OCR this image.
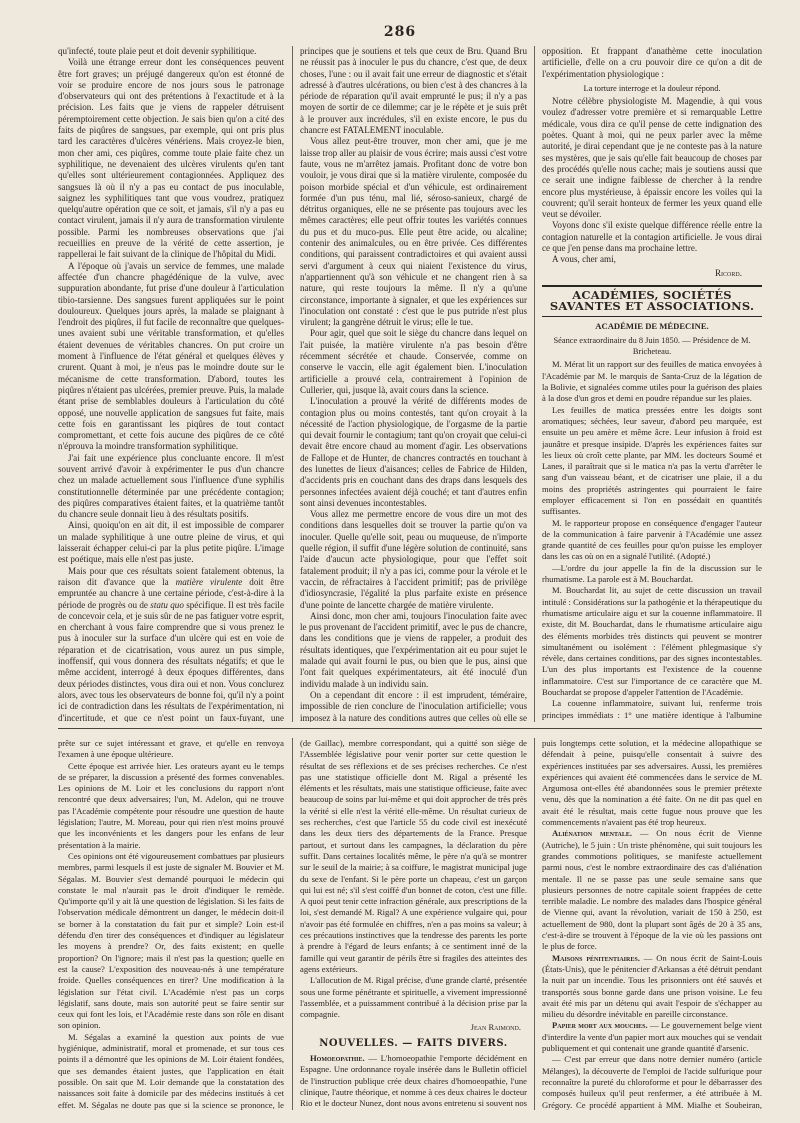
286

qu'infecté, toute plaie peut et doit devenir syphilitique.

Voilà une étrange erreur dont les conséquences peuvent être fort graves; un préjugé dangereux qu'on est étonné de voir se produire encore de nos jours sous le patronage d'observateurs qui ont des prétentions à l'exactitude et à la précision. Les faits que je viens de rappeler détruisent péremptoirement cette objection. Je sais bien qu'on a cité des faits de piqûres de sangsues, par exemple, qui ont pris plus tard les caractères d'ulcères vénériens. Mais croyez-le bien, mon cher ami, ces piqûres, comme toute plaie faite chez un syphilitique, ne devenaient des ulcères virulents qu'en tant qu'elles sont ultérieurement contagionnées. Appliquez des sangsues là où il n'y a pas eu contact de pus inoculable, saignez les syphilitiques tant que vous voudrez, pratiquez quelqu'autre opération que ce soit, et jamais, s'il n'y a pas eu contact virulent, jamais il n'y aura de transformation virulente possible. Parmi les nombreuses observations que j'ai recueillies en preuve de la vérité de cette assertion, je rappellerai le fait suivant de la clinique de l'hôpital du Midi.

A l'époque où j'avais un service de femmes, une malade affectée d'un chancre phagédénique de la vulve, avec suppuration abondante, fut prise d'une douleur à l'articulation tibio-tarsienne. Des sangsues furent appliquées sur le point douloureux. Quelques jours après, la malade se plaignant à l'endroit des piqûres, il fut facile de reconnaître que quelques-unes avaient subi une véritable transformation, et qu'elles étaient devenues de véritables chancres. On put croire un moment à l'influence de l'état général et quelques élèves y crurent. Quant à moi, je n'eus pas le moindre doute sur le mécanisme de cette transformation. D'abord, toutes les piqûres n'étaient pas ulcérées, premier preuve. Puis, la malade étant prise de semblables douleurs à l'articulation du côté opposé, une nouvelle application de sangsues fut faite, mais cette fois en garantissant les piqûres de tout contact compromettant, et cette fois aucune des piqûres de ce côté n'éprouva la moindre transformation syphilitique.

J'ai fait une expérience plus concluante encore. Il m'est souvent arrivé d'avoir à expérimenter le pus d'un chancre chez un malade actuellement sous l'influence d'une syphilis constitutionnelle déterminée par une précédente contagion; des piqûres comparatives étaient faites, et la quatrième tantôt du chancre seule donnait lieu à des résultats positifs.

Ainsi, quoiqu'on en ait dit, il est impossible de comparer un malade syphilitique à une outre pleine de virus, et qui laisserait échapper celui-ci par la plus petite piqûre. L'image est poétique, mais elle n'est pas juste.

Mais pour que ces résultats soient fatalement obtenus, la raison dit d'avance que la matière virulente doit être empruntée au chancre à une certaine période, c'est-à-dire à la période de progrès ou de statu quo spécifique. Il est très facile de concevoir cela, et je suis sûr de ne pas fatiguer votre esprit, en cherchant à vous faire comprendre que si vous prenez le pus à inoculer sur la surface d'un ulcère qui est en voie de réparation et de cicatrisation, vous aurez un pus simple, inoffensif, qui vous donnera des résultats négatifs; et que le même accident, interrogé à deux époques différentes, dans deux périodes distinctes, vous dira oui et non. Vous conclurez alors, avec tous les observateurs de bonne foi, qu'il n'y a point ici de contradiction dans les résultats de l'expérimentation, ni d'incertitude, et que ce n'est point un faux-fuyant, une

principes que je soutiens et tels que ceux de Bru. Quand Bru ne réussit pas à inoculer le pus du chancre, c'est que, de deux choses, l'une : ou il avait fait une erreur de diagnostic et s'était adressé à d'autres ulcérations, ou bien c'est à des chancres à la période de réparation qu'il avait emprunté le pus; il n'y a pas moyen de sortir de ce dilemme; car je le répète et je suis prêt à le prouver aux incrédules, s'il en existe encore, le pus du chancre est FATALEMENT inoculable.

Vous allez peut-être trouver, mon cher ami, que je me laisse trop aller au plaisir de vous écrire; mais aussi c'est votre faute, vous ne m'arrêtez jamais. Profitant donc de votre bon vouloir, je vous dirai que si la matière virulente, composée du poison morbide spécial et d'un véhicule, est ordinairement formée d'un pus ténu, mal lié, séroso-sanieux, chargé de détritus organiques, elle ne se présente pas toujours avec les mêmes caractères; elle peut offrir toutes les variétés connues du pus et du muco-pus. Elle peut être acide, ou alcaline; contenir des animalcules, ou en être privée. Ces différentes conditions, qui paraissent contradictoires et qui avaient aussi servi d'argument à ceux qui niaient l'existence du virus, n'appartiennent qu'à son véhicule et ne changent rien à sa nature, qui reste toujours la même. Il n'y a qu'une circonstance, importante à signaler, et que les expériences sur l'inoculation ont constaté : c'est que le pus putride n'est plus virulent; la gangrène détruit le virus; elle le tue.

Pour agir, quel que soit le siège du chancre dans lequel on l'ait puisée, la matière virulente n'a pas besoin d'être récemment sécrétée et chaude. Conservée, comme on conserve le vaccin, elle agit également bien. L'inoculation artificielle a prouvé cela, contrairement à l'opinion de Cullerier, qui, jusque là, avait cours dans la science.

L'inoculation a prouvé la vérité de différents modes de contagion plus ou moins contestés, tant qu'on croyait à la nécessité de l'action physiologique, de l'orgasme de la partie qui devait fournir le contagium; tant qu'on croyait que celui-ci devait être encore chaud au moment d'agir. Les observations de Fallope et de Hunter, de chancres contractés en touchant à des lunettes de lieux d'aisances; celles de Fabrice de Hilden, d'accidents pris en couchant dans des draps dans lesquels des personnes infectées avaient déjà couché; et tant d'autres enfin sont ainsi devenues incontestables.

Vous allez me permettre encore de vous dire un mot des conditions dans lesquelles doit se trouver la partie qu'on va inoculer. Quelle qu'elle soit, peau ou muqueuse, de n'importe quelle région, il suffit d'une légère solution de continuité, sans l'aide d'aucun acte physiologique, pour que l'effet soit fatalement produit; il n'y a pas ici, comme pour la vérole et le vaccin, de réfractaires à l'accident primitif; pas de privilège d'idiosyncrasie, l'égalité la plus parfaite existe en présence d'une pointe de lancette chargée de matière virulente.

Ainsi donc, mon cher ami, toujours l'inoculation faite avec le pus provenant de l'accident primitif, avec le pus de chancre, dans les conditions que je viens de rappeler, a produit des résultats identiques, que l'expérimentation ait eu pour sujet le malade qui avait fourni le pus, ou bien que le pus, ainsi que l'ont fait quelques expérimentateurs, ait été inoculé d'un individu malade à un individu sain.

On a cependant dit encore : il est imprudent, téméraire, impossible de rien conclure de l'inoculation artificielle; vous imposez à la nature des conditions autres que celles où elle se

opposition. Et frappant d'anathème cette inoculation artificielle, d'elle on a cru pouvoir dire ce qu'on a dit de l'expérimentation physiologique :

La torture interroge et la douleur répond.

Notre célèbre physiologiste M. Magendie, à qui vous voulez d'adresser votre première et si remarquable Lettre médicale, vous dira ce qu'il pense de cette indignation des poètes. Quant à moi, qui ne peux parler avec la même autorité, je dirai cependant que je ne conteste pas à la nature ses mystères, que je sais qu'elle fait beaucoup de choses par des procédés qu'elle nous cache; mais je soutiens aussi que ce serait une indigne faiblesse de chercher à la rendre encore plus mystérieuse, à épaissir encore les voiles qui la couvrent; qu'il serait honteux de fermer les yeux quand elle veut se dévoiler.

Voyons donc s'il existe quelque différence réelle entre la contagion naturelle et la contagion artificielle. Je vous dirai ce que j'en pense dans ma prochaine lettre.

A vous, cher ami,

Ricord.

ACADÉMIES, SOCIÉTÉS SAVANTES ET ASSOCIATIONS.

ACADÉMIE DE MÉDECINE.

Séance extraordinaire du 8 Juin 1850. — Présidence de M. Bricheteau.

M. Mérat lit un rapport sur des feuilles de matica envoyées à l'Académie par M. le marquis de Santa-Cruz de la légation de la Bolivie, et signalées comme utiles pour la guérison des plaies à la dose d'un gros et demi en poudre répandue sur les plaies.

Les feuilles de matica pressées entre les doigts sont aromatiques; séchées, leur saveur, d'abord peu marquée, est ensuite un peu amère et même âcre. Leur infusion à froid est jaunâtre et presque insipide. D'après les expériences faites sur les lieux où croît cette plante, par MM. les docteurs Soumé et Lanes, il paraîtrait que si le matica n'a pas la vertu d'arrêter le sang d'un vaisseau béant, et de cicatriser une plaie, il a du moins des propriétés astringentes qui pourraient le faire employer efficacement si l'on en possédait en quantités suffisantes.

M. le rapporteur propose en conséquence d'engager l'auteur de la communication à faire parvenir à l'Académie une assez grande quantité de ces feuilles pour qu'on puisse les employer dans les cas où on en a signalé l'utilité. (Adopté.)

—L'ordre du jour appelle la fin de la discussion sur le rhumatisme. La parole est à M. Bouchardat.

M. Bouchardat lit, au sujet de cette discussion un travail intitulé : Considérations sur la pathogénie et la thérapeutique du rhumatisme articulaire aigu et sur la couenne inflammatoire. Il existe, dit M. Bouchardat, dans le rhumatisme articulaire aigu des éléments morbides très distincts qui peuvent se montrer simultanément ou isolément : l'élément phlegmasique s'y révèle, dans certaines conditions, par des signes incontestables. L'un des plus importants est l'existence de la couenne inflammatoire. C'est sur l'importance de ce caractère que M. Bouchardat se propose d'appeler l'attention de l'Académie.

La couenne inflammatoire, suivant lui, renferme trois principes immédiats : 1° une matière identique à l'albumine

prête sur ce sujet intéressant et grave, et qu'elle en renvoya l'examen à une époque ultérieure.

Cette époque est arrivée hier. Les orateurs ayant eu le temps de se préparer, la discussion a présenté des formes convenables. Les opinions de M. Loir et les conclusions du rapport n'ont rencontré que deux adversaires; l'un, M. Adelon, qui ne trouve pas l'Académie compétente pour résoudre une question de haute législation; l'autre, M. Moreau, pour qui rien n'est moins prouvé que les inconvénients et les dangers pour les enfans de leur présentation à la mairie.

Ces opinions ont été vigoureusement combattues par plusieurs membres, parmi lesquels il est juste de signaler M. Bouvier et M. Ségalas. M. Bouvier s'est demandé pourquoi le médecin qui constate le mal n'aurait pas le droit d'indiquer le remède. Qu'importe qu'il y ait là une question de législation. Si les faits de l'observation médicale démontrent un danger, le médecin doit-il se borner à la constatation du fait pur et simple? Loin est-il défendu d'en tirer des conséquences et d'indiquer au législateur les moyens à prendre? Or, des faits existent; en quelle proportion? On l'ignore; mais il n'est pas la question; quelle en est la cause? L'exposition des nouveau-nés à une température froide. Quelles conséquences en tirer? Une modification à la législation sur l'état civil. L'Académie n'est pas un corps législatif, sans doute, mais son autorité peut se faire sentir sur ceux qui font les lois, et l'Académie reste dans son rôle en disant son opinion.

M. Ségalas a examiné la question aux points de vue hygiénique, administratif, moral et promenade, et sur tous ces points il a démontré que les opinions de M. Loir étaient fondées, que ses demandes étaient justes, que l'application en était possible. On sait que M. Loir demande que la constatation des naissances soit faite à domicile par des médecins institués à cet effet. M. Ségalas ne doute pas que si la science se prononce, le

(de Gaillac), membre correspondant, qui a quitté son siège de l'Assemblée législative pour venir porter sur cette question le résultat de ses réflexions et de ses précises recherches. Ce n'est pas une statistique officielle dont M. Rigal a présenté les éléments et les résultats, mais une statistique officieuse, faite avec beaucoup de soins par lui-même et qui doit approcher de très près la vérité si elle n'est la vérité elle-même. Un résultat curieux de ses recherches, c'est que l'article 55 du code civil est inexécuté dans les deux tiers des départements de la France. Presque partout, et surtout dans les campagnes, la déclaration du père suffit. Dans certaines localités même, le père n'a qu'à se montrer sur le seuil de la mairie; à sa coiffure, le magistrat municipal juge du sexe de l'enfant. Si le père porte un chapeau, c'est un garçon qui lui est né; s'il s'est coiffé d'un bonnet de coton, c'est une fille. A quoi peut tenir cette infraction générale, aux prescriptions de la loi, s'est demandé M. Rigal? A une expérience vulgaire qui, pour n'avoir pas été formulée en chiffres, n'en a pas moins sa valeur; à ces précautions instinctives que la tendresse des parents les porte à prendre à l'égard de leurs enfants; à ce sentiment inné de la famille qui veut garantir de périls être si fragiles des atteintes des agens extérieurs.

L'allocution de M. Rigal précise, d'une grande clarté, présentée sous une forme pénétrante et spirituelle, a vivement impressionné l'assemblée, et a puissamment contribué à la décision prise par la compagnie.

Jean Raimond.

NOUVELLES. — FAITS DIVERS.

Homoeopathie. — L'homoeopathie l'emporte décidément en Espagne. Une ordonnance royale insérée dans le Bulletin officiel de l'instruction publique crée deux chaires d'homoeopathie, l'une clinique, l'autre théorique, et nomme à ces deux chaires le docteur Rio et le docteur Nunez, dont nous avons entretenu si souvent nos

puis longtemps cette solution, et la médecine allopathique se défendait à peine, puisqu'elle consentait à suivre des expériences instituées par ses adversaires. Aussi, les premières expériences qui avaient été commencées dans le service de M. Argumosa ont-elles été abandonnées sous le premier prétexte venu, dès que la nomination a été faite. On ne dit pas quel en avait été le résultat, mais cette fugue nous prouve que les commencements n'avaient pas été trop heureux.

Aliénation mentale. — On nous écrit de Vienne (Autriche), le 5 juin : Un triste phénomène, qui suit toujours les grandes commotions politiques, se manifeste actuellement parmi nous, c'est le nombre extraordinaire des cas d'aliénation mentale. Il ne se passe pas une seule semaine sans que plusieurs personnes de notre capitale soient frappées de cette terrible maladie. Le nombre des malades dans l'hospice général de Vienne qui, avant la révolution, variait de 150 à 250, est actuellement de 980, dont la plupart sont âgés de 20 à 35 ans, c'est-à-dire se trouvent à l'époque de la vie où les passions ont le plus de force.

Maisons pénitentiaires. — On nous écrit de Saint-Louis (États-Unis), que le pénitencier d'Arkansas a été détruit pendant la nuit par un incendie. Tous les prisonniers ont été sauvés et transportés sous bonne garde dans une prison voisine. Le feu avait été mis par un détenu qui avait l'espoir de s'échapper au milieu du désordre inévitable en pareille circonstance.

Papier mort aux mouches. — Le gouvernement belge vient d'interdire la vente d'un papier mort aux mouches qui se vendait publiquement et qui contenait une grande quantité d'arsenic.

— C'est par erreur que dans notre dernier numéro (article Mélanges), la découverte de l'emploi de l'acide sulfurique pour reconnaître la pureté du chloroforme et pour le débarrasser des composés huileux qu'il peut renfermer, a été attribuée à M. Grégory. Ce procédé appartient à MM. Mialhe et Soubeiran,
